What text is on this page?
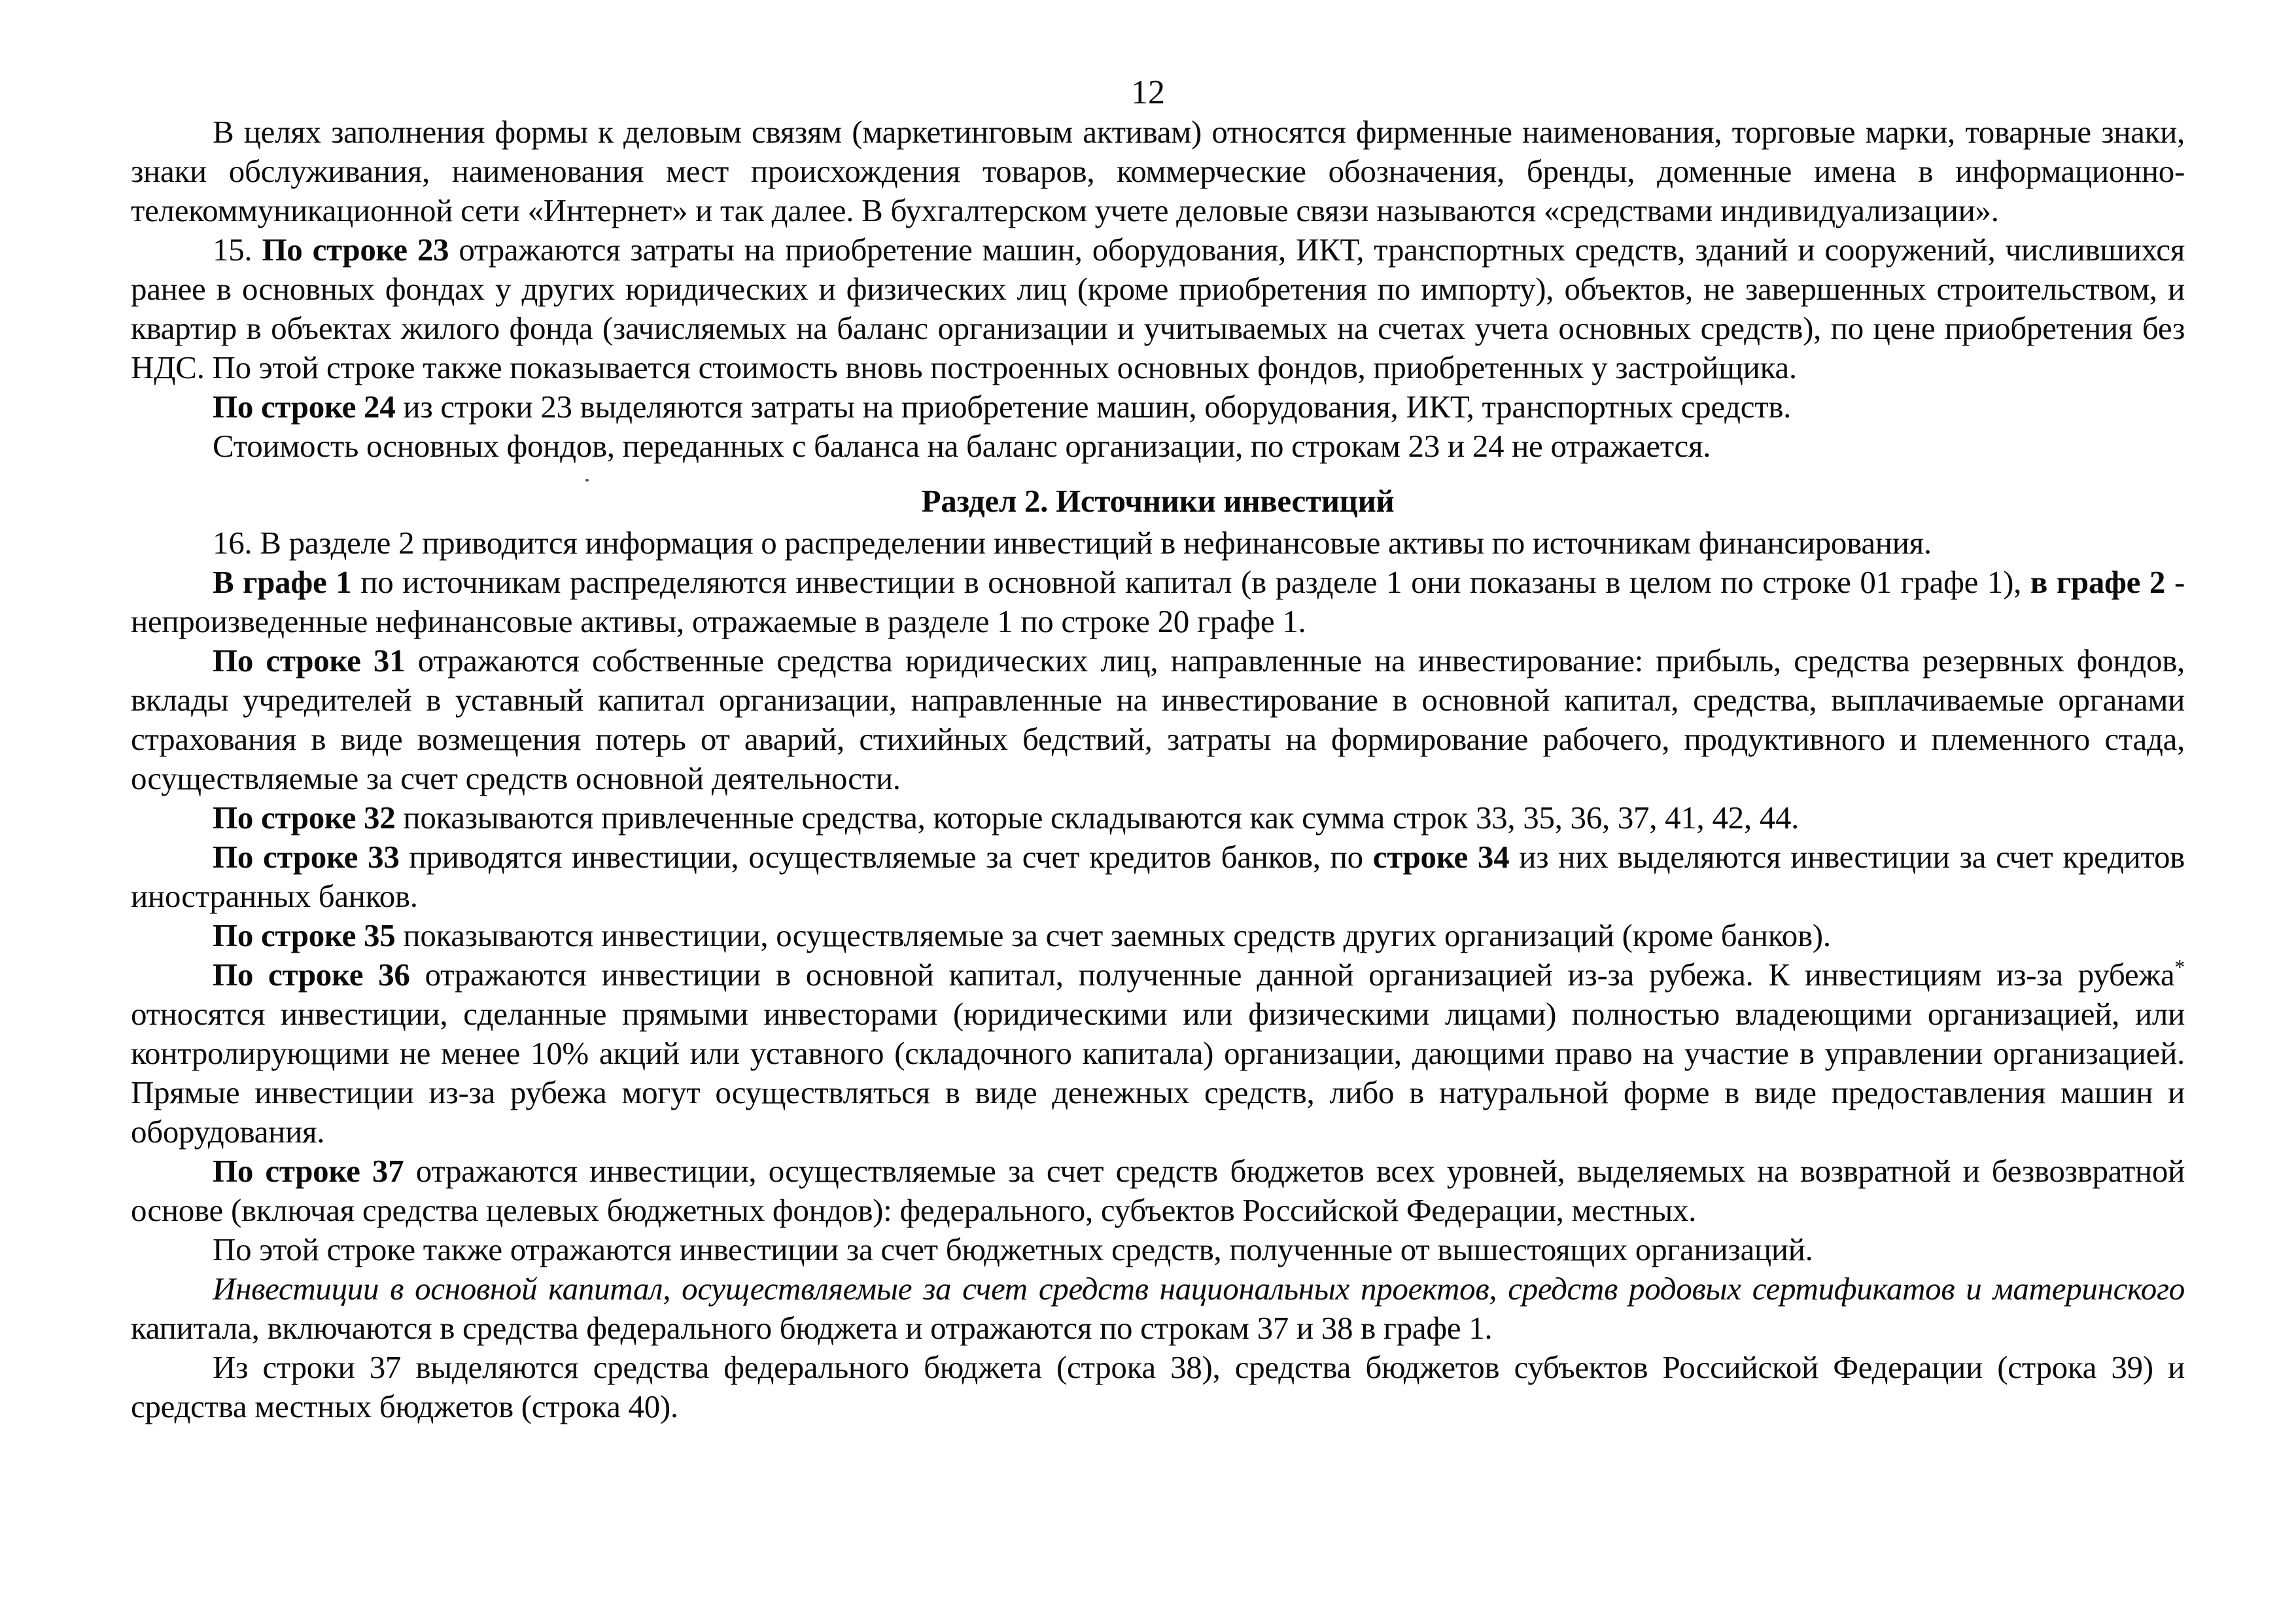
12

В целях заполнения формы к деловым связям (маркетинговым активам) относятся фирменные наименования, торговые марки, товарные знаки, знаки обслуживания, наименования мест происхождения товаров, коммерческие обозначения, бренды, доменные имена в информационно-телекоммуникационной сети «Интернет» и так далее. В бухгалтерском учете деловые связи называются «средствами индивидуализации».

15. По строке 23 отражаются затраты на приобретение машин, оборудования, ИКТ, транспортных средств, зданий и сооружений, числившихся ранее в основных фондах у других юридических и физических лиц (кроме приобретения по импорту), объектов, не завершенных строительством, и квартир в объектах жилого фонда (зачисляемых на баланс организации и учитываемых на счетах учета основных средств), по цене приобретения без НДС. По этой строке также показывается стоимость вновь построенных основных фондов, приобретенных у застройщика.

По строке 24 из строки 23 выделяются затраты на приобретение машин, оборудования, ИКТ, транспортных средств.

Стоимость основных фондов, переданных с баланса на баланс организации, по строкам 23 и 24 не отражается.

Раздел 2. Источники инвестиций

16. В разделе 2 приводится информация о распределении инвестиций в нефинансовые активы по источникам финансирования.

В графе 1 по источникам распределяются инвестиции в основной капитал (в разделе 1 они показаны в целом по строке 01 графе 1), в графе 2 - непроизведенные нефинансовые активы, отражаемые в разделе 1 по строке 20 графе 1.

По строке 31 отражаются собственные средства юридических лиц, направленные на инвестирование: прибыль, средства резервных фондов, вклады учредителей в уставный капитал организации, направленные на инвестирование в основной капитал, средства, выплачиваемые органами страхования в виде возмещения потерь от аварий, стихийных бедствий, затраты на формирование рабочего, продуктивного и племенного стада, осуществляемые за счет средств основной деятельности.

По строке 32 показываются привлеченные средства, которые складываются как сумма строк 33, 35, 36, 37, 41, 42, 44.

По строке 33 приводятся инвестиции, осуществляемые за счет кредитов банков, по строке 34 из них выделяются инвестиции за счет кредитов иностранных банков.

По строке 35 показываются инвестиции, осуществляемые за счет заемных средств других организаций (кроме банков).

По строке 36 отражаются инвестиции в основной капитал, полученные данной организацией из-за рубежа. К инвестициям из-за рубежа* относятся инвестиции, сделанные прямыми инвесторами (юридическими или физическими лицами) полностью владеющими организацией, или контролирующими не менее 10% акций или уставного (складочного капитала) организации, дающими право на участие в управлении организацией. Прямые инвестиции из-за рубежа могут осуществляться в виде денежных средств, либо в натуральной форме в виде предоставления машин и оборудования.

По строке 37 отражаются инвестиции, осуществляемые за счет средств бюджетов всех уровней, выделяемых на возвратной и безвозвратной основе (включая средства целевых бюджетных фондов): федерального, субъектов Российской Федерации, местных.

По этой строке также отражаются инвестиции за счет бюджетных средств, полученные от вышестоящих организаций.

Инвестиции в основной капитал, осуществляемые за счет средств национальных проектов, средств родовых сертификатов и материнского капитала, включаются в средства федерального бюджета и отражаются по строкам 37 и 38 в графе 1.

Из строки 37 выделяются средства федерального бюджета (строка 38), средства бюджетов субъектов Российской Федерации (строка 39) и средства местных бюджетов (строка 40).
